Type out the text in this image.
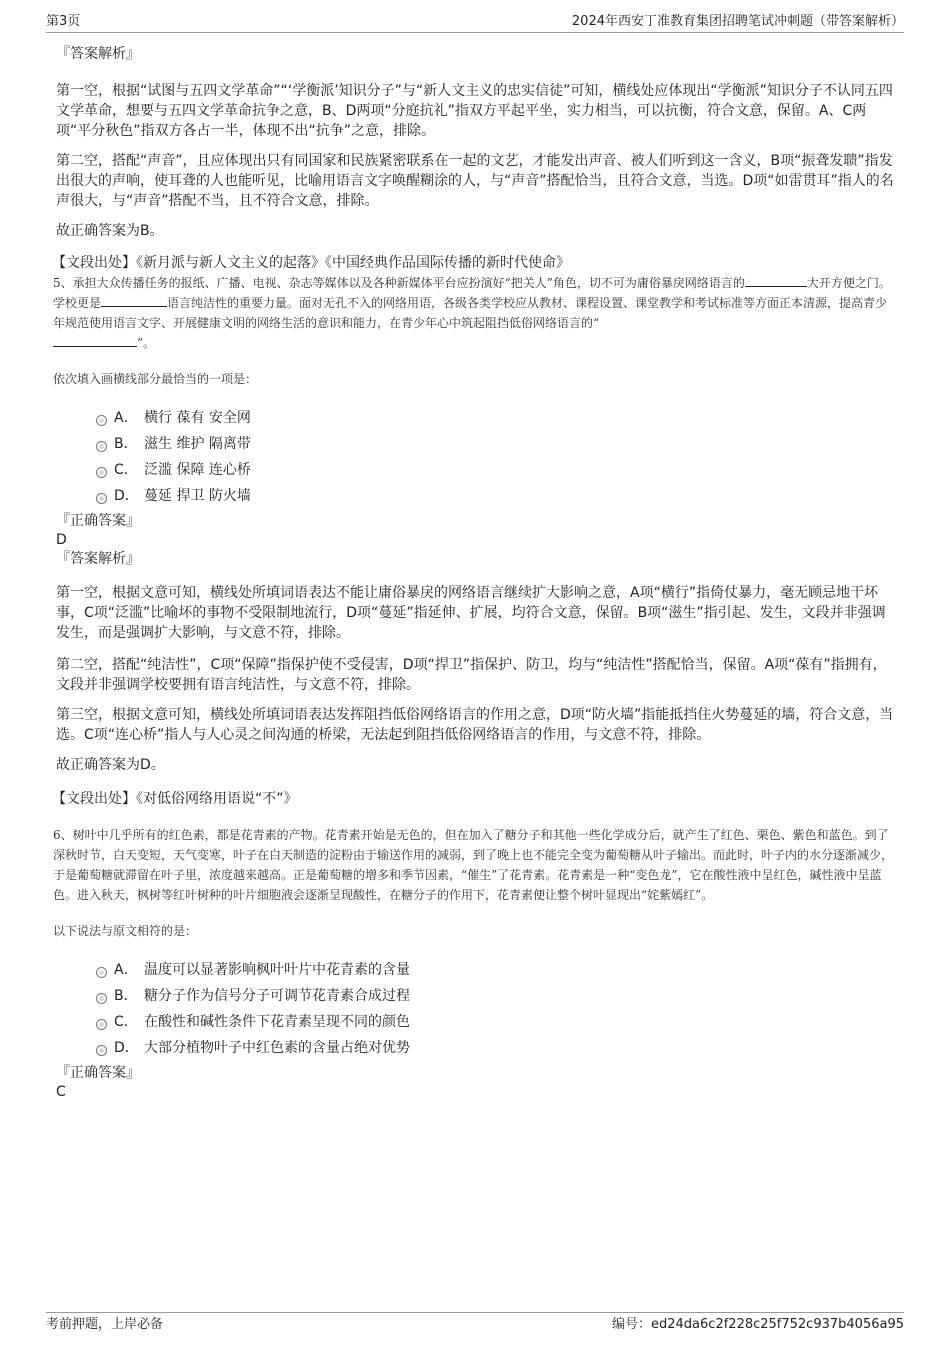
第3页	2024年西安丁准教育集团招聘笔试冲刺题（带答案解析）
『答案解析』

第一空，根据“试图与五四文学革命”“‘学衡派’知识分子”与“新人文主义的忠实信徒”可知，横线处应体现出“学衡派”知识分子不认同五四文学革命，想要与五四文学革命抗争之意，B、D两项“分庭抗礼”指双方平起平坐，实力相当，可以抗衡，符合文意，保留。A、C两项“平分秋色”指双方各占一半，体现不出“抗争”之意，排除。

第二空，搭配“声音”，且应体现出只有同国家和民族紧密联系在一起的文艺，才能发出声音、被人们听到这一含义，B项“振聋发聩”指发出很大的声响，使耳聋的人也能听见，比喻用语言文字唤醒糊涂的人，与“声音”搭配恰当，且符合文意，当选。D项“如雷贯耳”指人的名声很大，与“声音”搭配不当，且不符合文意，排除。

故正确答案为B。

【文段出处】《新月派与新人文主义的起落》《中国经典作品国际传播的新时代使命》
5、承担大众传播任务的报纸、广播、电视、杂志等媒体以及各种新媒体平台应扮演好“把关人”角色，切不可为庸俗暴戾网络语言的	大开方便之门。学校更是	语言纯洁性的重要力量。面对无孔不入的网络用语，各级各类学校应从教材、课程设置、课堂教学和考试标准等方面正本清源，提高青少年规范使用语言文字、开展健康文明的网络生活的意识和能力，在青少年心中筑起阻挡低俗网络语言的“
”。
依次填入画横线部分最恰当的一项是：
A． 横行 葆有 安全网
B． 滋生 维护 隔离带
C． 泛滥 保障 连心桥
D． 蔓延 捍卫 防火墙
『正确答案』
D
『答案解析』

第一空，根据文意可知，横线处所填词语表达不能让庸俗暴戾的网络语言继续扩大影响之意，A项“横行”指倚仗暴力，毫无顾忌地干坏事，C项“泛滥”比喻坏的事物不受限制地流行，D项“蔓延”指延伸、扩展，均符合文意，保留。B项“滋生”指引起、发生，文段并非强调发生，而是强调扩大影响，与文意不符，排除。

第二空，搭配“纯洁性”，C项“保障”指保护使不受侵害，D项“捍卫”指保护、防卫，均与“纯洁性”搭配恰当，保留。A项“葆有”指拥有，文段并非强调学校要拥有语言纯洁性，与文意不符，排除。

第三空，根据文意可知，横线处所填词语表达发挥阻挡低俗网络语言的作用之意，D项“防火墙”指能抵挡住火势蔓延的墙，符合文意，当选。C项“连心桥”指人与人心灵之间沟通的桥梁，无法起到阻挡低俗网络语言的作用，与文意不符，排除。

故正确答案为D。

【文段出处】《对低俗网络用语说“不”》
6、树叶中几乎所有的红色素，都是花青素的产物。花青素开始是无色的，但在加入了糖分子和其他一些化学成分后，就产生了红色、栗色、紫色和蓝色。到了深秋时节，白天变短，天气变寒，叶子在白天制造的淀粉由于输送作用的减弱，到了晚上也不能完全变为葡萄糖从叶子输出。而此时，叶子内的水分逐渐减少，于是葡萄糖就滞留在叶子里，浓度越来越高。正是葡萄糖的增多和季节因素，“催生”了花青素。花青素是一种“变色龙”，它在酸性液中呈红色，碱性液中呈蓝色。进入秋天，枫树等红叶树种的叶片细胞液会逐渐呈现酸性，在糖分子的作用下，花青素便让整个树叶显现出“姹紫嫣红”。
以下说法与原文相符的是：
A． 温度可以显著影响枫叶叶片中花青素的含量
B． 糖分子作为信号分子可调节花青素合成过程
C． 在酸性和碱性条件下花青素呈现不同的颜色
D． 大部分植物叶子中红色素的含量占绝对优势
『正确答案』
C
考前押题，上岸必备	编号：ed24da6c2f228c25f752c937b4056a95
